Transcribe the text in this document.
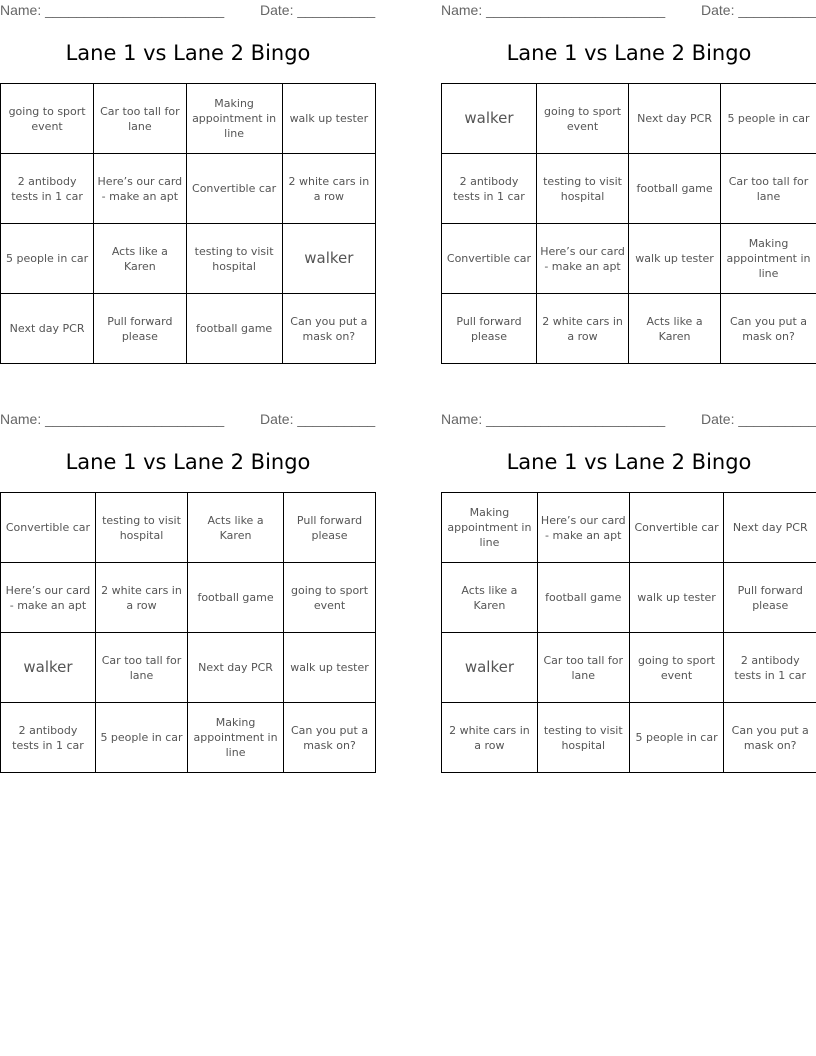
Name: _______________________	Date: __________
Lane 1 vs Lane 2 Bingo
going to sport event	Car too tall for lane	Making appointment in line	walk up tester
2 antibody tests in 1 car	Here’s our card - make an apt	Convertible car	2 white cars in a row
5 people in car	Acts like a Karen	testing to visit hospital	walker
Next day PCR	Pull forward please	football game	Can you put a mask on?
Name: _______________________	Date: __________
Lane 1 vs Lane 2 Bingo
walker	going to sport event	Next day PCR	5 people in car
2 antibody tests in 1 car	testing to visit hospital	football game	Car too tall for lane
Convertible car	Here’s our card - make an apt	walk up tester	Making appointment in line
Pull forward please	2 white cars in a row	Acts like a Karen	Can you put a mask on?
Name: _______________________	Date: __________
Lane 1 vs Lane 2 Bingo
Convertible car	testing to visit hospital	Acts like a Karen	Pull forward please
Here’s our card - make an apt	2 white cars in a row	football game	going to sport event
walker	Car too tall for lane	Next day PCR	walk up tester
2 antibody tests in 1 car	5 people in car	Making appointment in line	Can you put a mask on?
Name: _______________________	Date: __________
Lane 1 vs Lane 2 Bingo
Making appointment in line	Here’s our card - make an apt	Convertible car	Next day PCR
Acts like a Karen	football game	walk up tester	Pull forward please
walker	Car too tall for lane	going to sport event	2 antibody tests in 1 car
2 white cars in a row	testing to visit hospital	5 people in car	Can you put a mask on?
